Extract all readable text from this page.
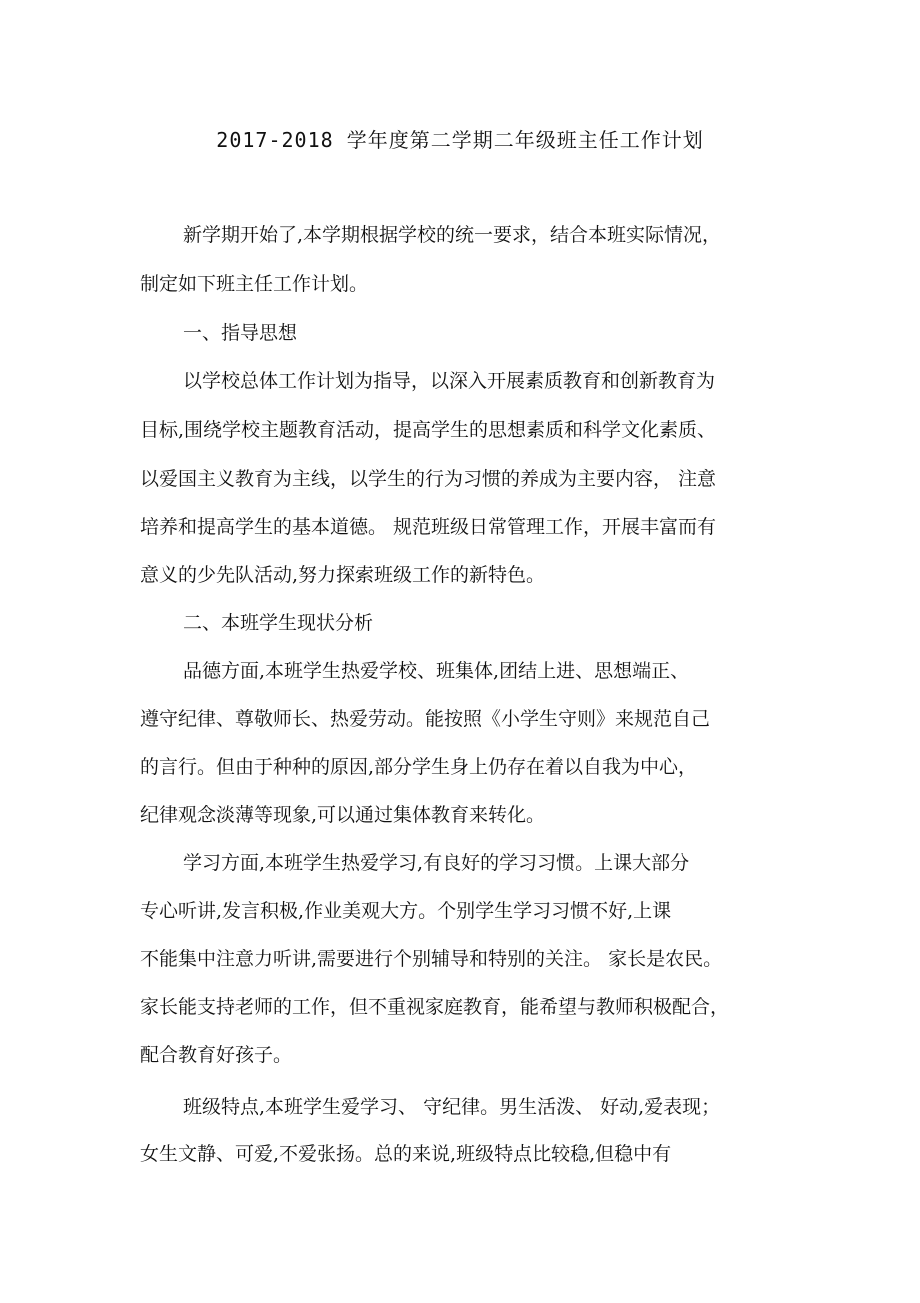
2017-2018 学年度第二学期二年级班主任工作计划
新学期开始了,本学期根据学校的统一要求，结合本班实际情况，
制定如下班主任工作计划。
一、指导思想
以学校总体工作计划为指导，以深入开展素质教育和创新教育为
目标,围绕学校主题教育活动，提高学生的思想素质和科学文化素质、
以爱国主义教育为主线，以学生的行为习惯的养成为主要内容， 注意
培养和提高学生的基本道德。 规范班级日常管理工作，开展丰富而有
意义的少先队活动,努力探索班级工作的新特色。
二、本班学生现状分析
品德方面,本班学生热爱学校、班集体,团结上进、思想端正、
遵守纪律、尊敬师长、热爱劳动。能按照《小学生守则》来规范自己
的言行。但由于种种的原因,部分学生身上仍存在着以自我为中心，
纪律观念淡薄等现象,可以通过集体教育来转化。
学习方面,本班学生热爱学习,有良好的学习习惯。上课大部分
专心听讲,发言积极,作业美观大方。个别学生学习习惯不好,上课
不能集中注意力听讲,需要进行个别辅导和特别的关注。 家长是农民。
家长能支持老师的工作，但不重视家庭教育，能希望与教师积极配合，
配合教育好孩子。
班级特点,本班学生爱学习、 守纪律。男生活泼、 好动,爱表现；
女生文静、可爱,不爱张扬。总的来说,班级特点比较稳,但稳中有
